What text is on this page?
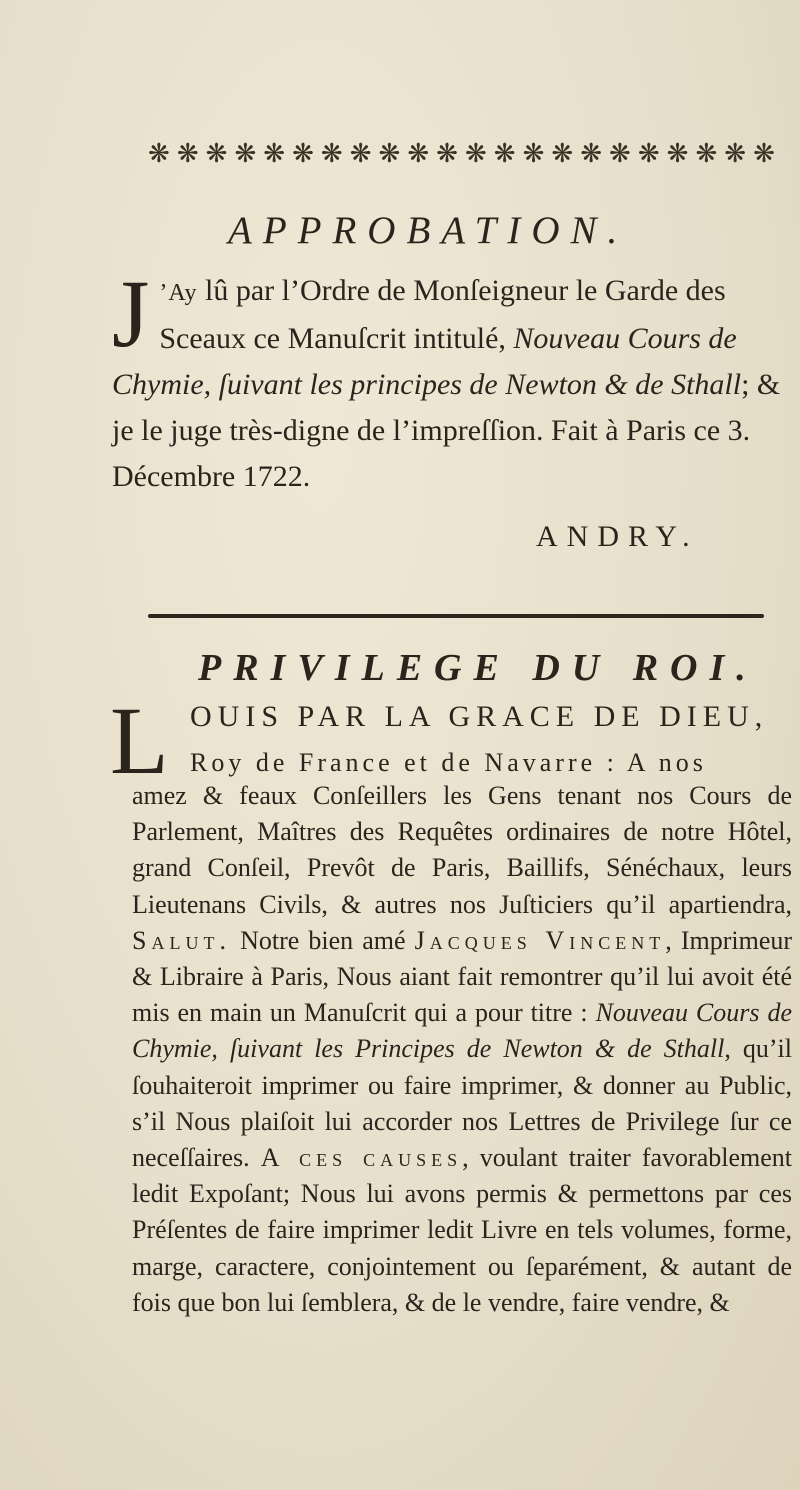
❋ ❋ ❋ ❋ ❋ ❋ ❋ ❋ ❋ ❋ ❋ ❋ ❋ ❋ ❋ ❋ ❋ ❋ ❋ ❋ ❋ ❋
APPROBATION.
J ’Ay lû par l’Ordre de Monſeigneur le Garde des Sceaux ce Manuſcrit intitulé, Nouveau Cours de Chymie, ſuivant les principes de Newton & de Sthall; & je le juge très-digne de l’impreſſion. Fait à Paris ce 3. Décembre 1722.
ANDRY.
PRIVILEGE DU ROI.
L OUIS PAR LA GRACE DE DIEU,
Roy de France et de Navarre : A nos

amez & feaux Conſeillers les Gens tenant nos Cours de Parlement, Maîtres des Requêtes ordinaires de notre Hôtel, grand Conſeil, Prevôt de Paris, Baillifs, Sénéchaux, leurs Lieutenans Civils, & autres nos Juſticiers qu’il apartiendra, Salut. Notre bien amé Jacques Vincent, Imprimeur & Libraire à Paris, Nous aiant fait remontrer qu’il lui avoit été mis en main un Manuſcrit qui a pour titre : Nouveau Cours de Chymie, ſuivant les Principes de Newton & de Sthall, qu’il ſouhaiteroit imprimer ou faire imprimer, & donner au Public, s’il Nous plaiſoit lui accorder nos Lettres de Privilege ſur ce neceſſaires. A ces causes, voulant traiter favorablement ledit Expoſant; Nous lui avons permis & permettons par ces Préſentes de faire imprimer ledit Livre en tels volumes, forme, marge, caractere, conjointement ou ſeparément, & autant de fois que bon lui ſemblera, & de le vendre, faire vendre, &
